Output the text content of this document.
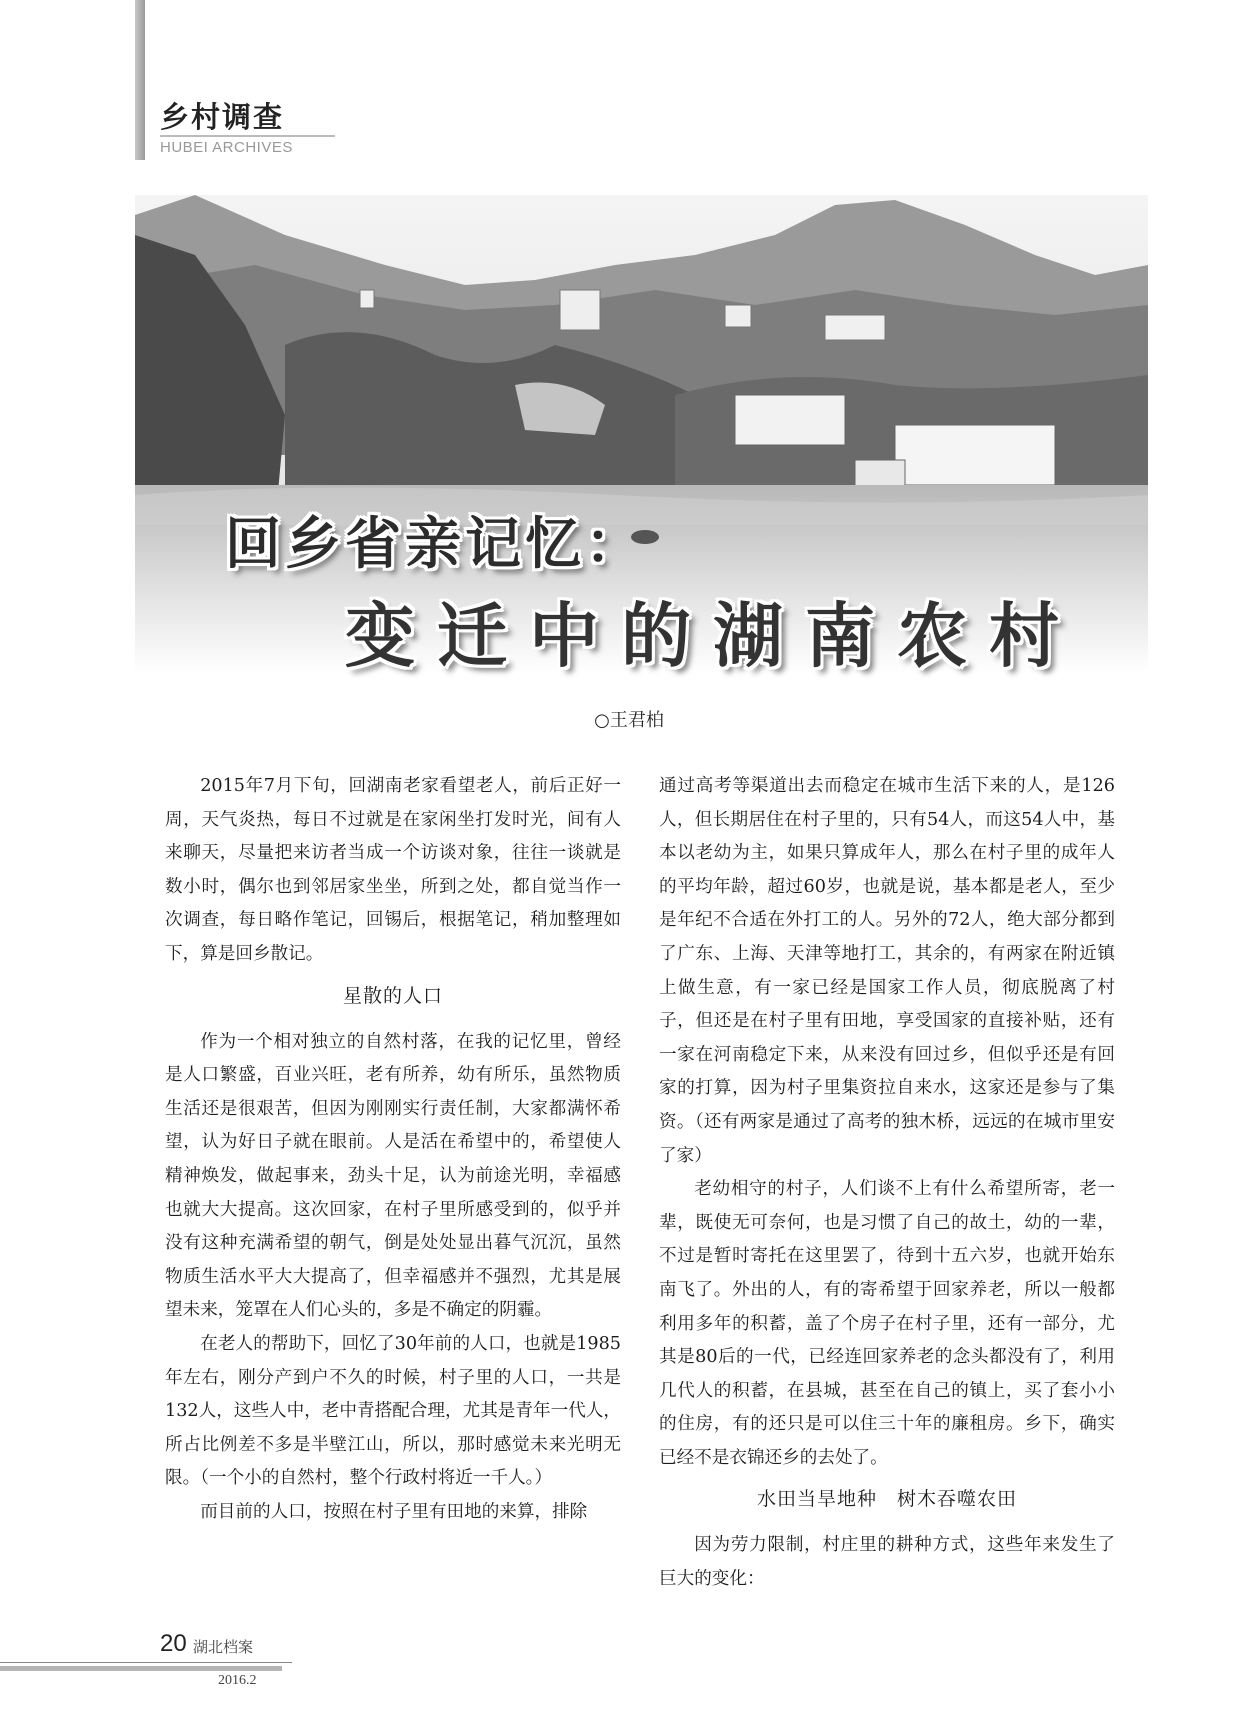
乡村调查
HUBEI ARCHIVES
回乡省亲记忆：
变迁中的湖南农村
○王君柏

2015年7月下旬，回湖南老家看望老人，前后正好一周，天气炎热，每日不过就是在家闲坐打发时光，间有人来聊天，尽量把来访者当成一个访谈对象，往往一谈就是数小时，偶尔也到邻居家坐坐，所到之处，都自觉当作一次调查，每日略作笔记，回锡后，根据笔记，稍加整理如下，算是回乡散记。

星散的人口

作为一个相对独立的自然村落，在我的记忆里，曾经是人口繁盛，百业兴旺，老有所养，幼有所乐，虽然物质生活还是很艰苦，但因为刚刚实行责任制，大家都满怀希望，认为好日子就在眼前。人是活在希望中的，希望使人精神焕发，做起事来，劲头十足，认为前途光明，幸福感也就大大提高。这次回家，在村子里所感受到的，似乎并没有这种充满希望的朝气，倒是处处显出暮气沉沉，虽然物质生活水平大大提高了，但幸福感并不强烈，尤其是展望未来，笼罩在人们心头的，多是不确定的阴霾。

在老人的帮助下，回忆了30年前的人口，也就是1985年左右，刚分产到户不久的时候，村子里的人口，一共是132人，这些人中，老中青搭配合理，尤其是青年一代人，所占比例差不多是半壁江山，所以，那时感觉未来光明无限。（一个小的自然村，整个行政村将近一千人。）

而目前的人口，按照在村子里有田地的来算，排除

通过高考等渠道出去而稳定在城市生活下来的人，是126人，但长期居住在村子里的，只有54人，而这54人中，基本以老幼为主，如果只算成年人，那么在村子里的成年人的平均年龄，超过60岁，也就是说，基本都是老人，至少是年纪不合适在外打工的人。另外的72人，绝大部分都到了广东、上海、天津等地打工，其余的，有两家在附近镇上做生意，有一家已经是国家工作人员，彻底脱离了村子，但还是在村子里有田地，享受国家的直接补贴，还有一家在河南稳定下来，从来没有回过乡，但似乎还是有回家的打算，因为村子里集资拉自来水，这家还是参与了集资。（还有两家是通过了高考的独木桥，远远的在城市里安了家）

老幼相守的村子，人们谈不上有什么希望所寄，老一辈，既使无可奈何，也是习惯了自己的故土，幼的一辈，不过是暂时寄托在这里罢了，待到十五六岁，也就开始东南飞了。外出的人，有的寄希望于回家养老，所以一般都利用多年的积蓄，盖了个房子在村子里，还有一部分，尤其是80后的一代，已经连回家养老的念头都没有了，利用几代人的积蓄，在县城，甚至在自己的镇上，买了套小小的住房，有的还只是可以住三十年的廉租房。乡下，确实已经不是衣锦还乡的去处了。

水田当旱地种　树木吞噬农田

因为劳力限制，村庄里的耕种方式，这些年来发生了巨大的变化：

20 湖北档案
2016.2
